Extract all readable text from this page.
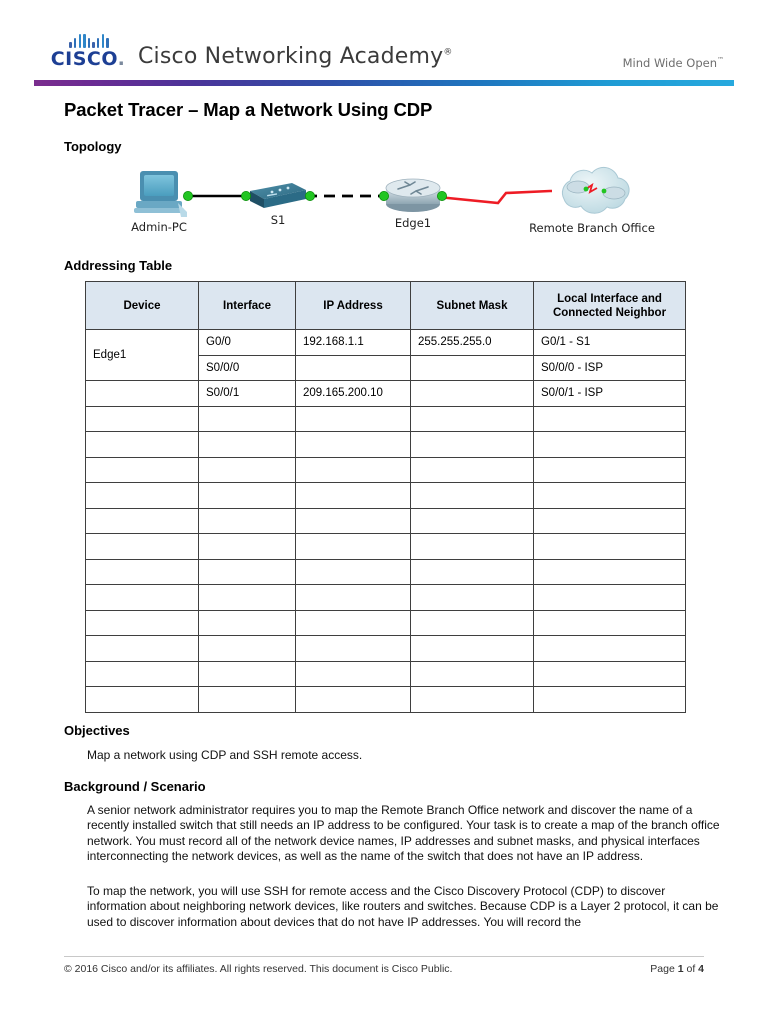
CISCO. Cisco Networking Academy®
Mind Wide Open™
Packet Tracer – Map a Network Using CDP
Topology
Admin-PC	S1	Edge1	Remote Branch Office
Addressing Table
Device	Interface	IP Address	Subnet Mask	Local Interface and
Connected Neighbor
Edge1	G0/0	192.168.1.1	255.255.255.0	G0/1 - S1
	S0/0/0			S0/0/0 - ISP
	S0/0/1	209.165.200.10		S0/0/1 - ISP

Objectives
Map a network using CDP and SSH remote access.
Background / Scenario
A senior network administrator requires you to map the Remote Branch Office network and discover the name of a recently installed switch that still needs an IP address to be configured. Your task is to create a map of the branch office network. You must record all of the network device names, IP addresses and subnet masks, and physical interfaces interconnecting the network devices, as well as the name of the switch that does not have an IP address.
To map the network, you will use SSH for remote access and the Cisco Discovery Protocol (CDP) to discover information about neighboring network devices, like routers and switches. Because CDP is a Layer 2 protocol, it can be used to discover information about devices that do not have IP addresses. You will record the
© 2016 Cisco and/or its affiliates. All rights reserved. This document is Cisco Public.	Page 1 of 4
